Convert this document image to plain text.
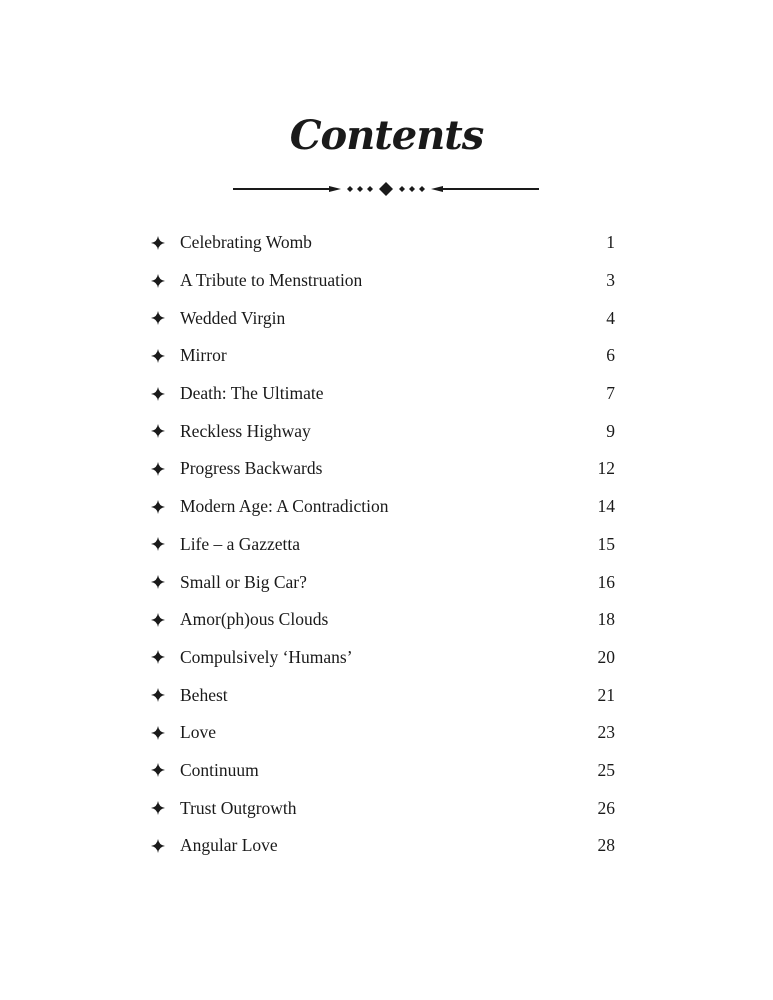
Contents
Celebrating Womb	1
A Tribute to Menstruation	3
Wedded Virgin	4
Mirror	6
Death: The Ultimate	7
Reckless Highway	9
Progress Backwards	12
Modern Age: A Contradiction	14
Life – a Gazzetta	15
Small or Big Car?	16
Amor(ph)ous Clouds	18
Compulsively ‘Humans’	20
Behest	21
Love	23
Continuum	25
Trust Outgrowth	26
Angular Love	28
